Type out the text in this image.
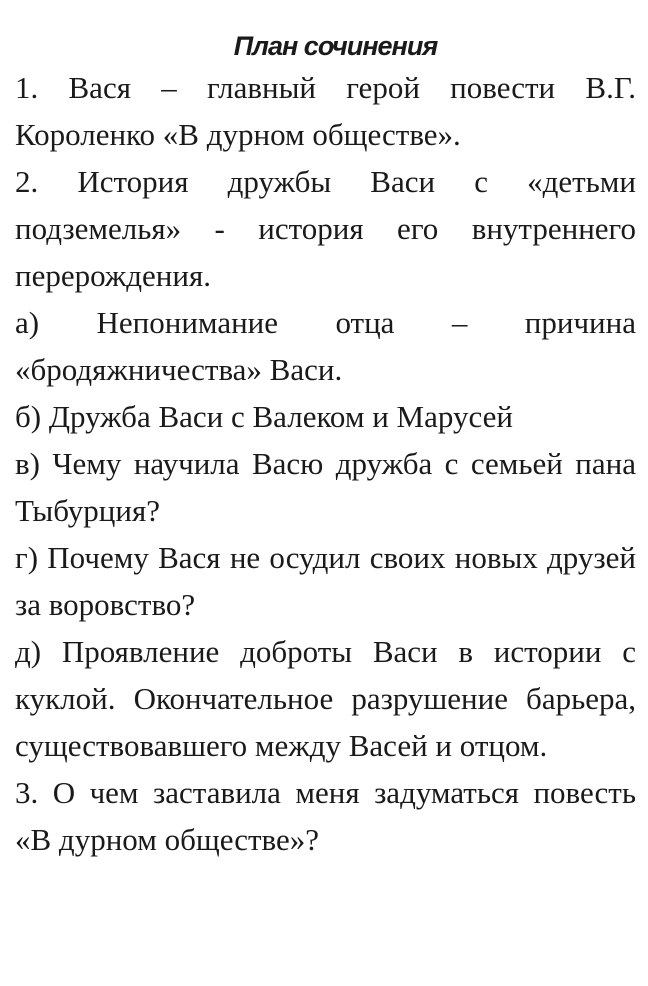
План сочинения

1. Вася – главный герой повести В.Г. Короленко «В дурном обществе».

2. История дружбы Васи с «детьми подземелья» - история его внутреннего перерождения.

а) Непонимание отца – причина «бродяжничества» Васи.

б) Дружба Васи с Валеком и Марусей

в) Чему научила Васю дружба с семьей пана Тыбурция?

г) Почему Вася не осудил своих новых друзей за воровство?

д) Проявление доброты Васи в истории с куклой. Окончательное разрушение барьера, существовавшего между Васей и отцом.

3. О чем заставила меня задуматься повесть «В дурном обществе»?
